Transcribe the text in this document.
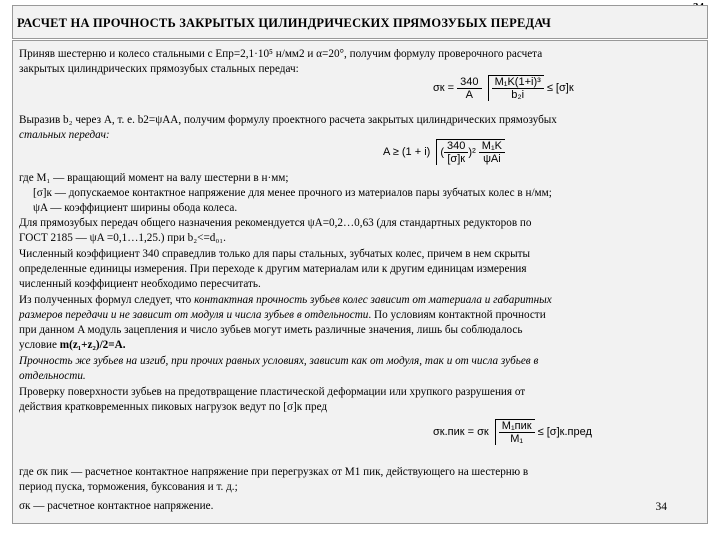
РАСЧЕТ НА ПРОЧНОСТЬ ЗАКРЫТЫХ ЦИЛИНДРИЧЕСКИХ ПРЯМОЗУБЫХ ПЕРЕДАЧ
Приняв шестерню и колесо стальными с Епр=2,1·10⁵ н/мм2 и α=20°, получим формулу проверочного расчета
закрытых цилиндрических прямозубых стальных передач:
$\sigma к = \frac{340}{A}$
$\frac{\text{M₁K(1+i)³}}{\text{b₂i}} \le [\sigma]к$
Выразив b₂ через A, т. е. b2=ψAA, получим формулу проектного расчета закрытых цилиндрических прямозубых
стальных передач:
A ≥ (1 + i) ( $\frac{340}{[\sigma]к} )^2 \frac{\text{M₁K}}{\text{ψAi}}$
где M₁ — вращающий момент на валу шестерни в н·мм;
[σ]к — допускаемое контактное напряжение для менее прочного из материалов пары зубчатых колес в н/мм;
ψA — коэффициент ширины обода колеса.
Для прямозубых передач общего назначения рекомендуется ψA=0,2…0,63 (для стандартных редукторов по
ГОСТ 2185 — ψA =0,1…1,25.) при b₂<=d₀₁.
Численный коэффициент 340 справедлив только для пары стальных, зубчатых колес, причем в нем скрыты
определенные единицы измерения. При переходе к другим материалам или к другим единицам измерения
численный коэффициент необходимо пересчитать.
Из полученных формул следует, что контактная прочность зубьев колес зависит от материала и габаритных
размеров передачи и не зависит от модуля и числа зубьев в отдельности. По условиям контактной прочности
при данном A модуль зацепления и число зубьев могут иметь различные значения, лишь бы соблюдалось
условие m(z₁+z₂)/2=A.
Прочность же зубьев на изгиб, при прочих равных условиях, зависит как от модуля, так и от числа зубьев в
отдельности.
Проверку поверхности зубьев на предотвращение пластической деформации или хрупкого разрушения от
действия кратковременных пиковых нагрузок ведут по [σ]к пред
σк.пик = σк $\frac{\text{M₁пик}}{\text{M₁}}$ ≤ [σ]к.пред
где σк пик — расчетное контактное напряжение при перегрузках от M1 пик, действующего на шестерню в
период пуска, торможения, буксования и т. д.;
σк — расчетное контактное напряжение.	34
